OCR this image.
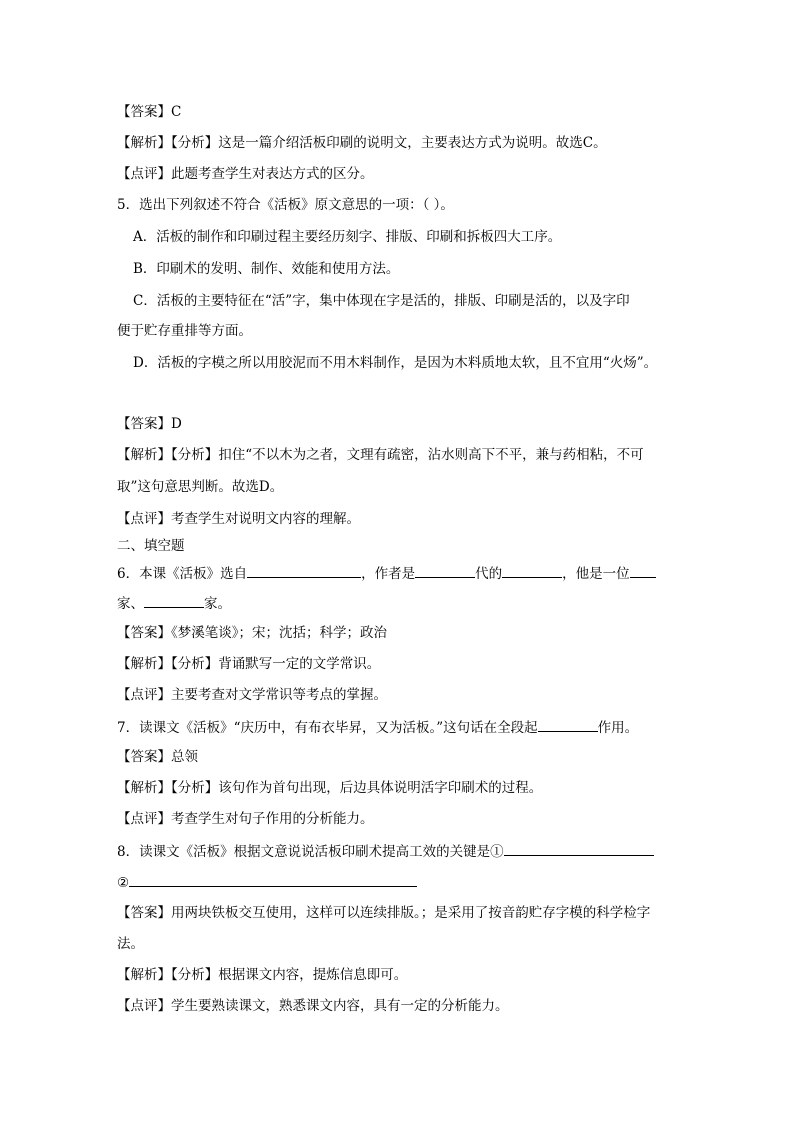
【答案】C
【解析】【分析】这是一篇介绍活板印刷的说明文，主要表达方式为说明。故选C。
【点评】此题考查学生对表达方式的区分。
5．选出下列叙述不符合《活板》原文意思的一项：（ ）。
A．活板的制作和印刷过程主要经历刻字、排版、印刷和拆板四大工序。
B．印刷术的发明、制作、效能和使用方法。
C．活板的主要特征在“活”字，集中体现在字是活的，排版、印刷是活的，以及字印
便于贮存重排等方面。
D．活板的字模之所以用胶泥而不用木料制作，是因为木料质地太软，且不宜用“火炀”。
【答案】D
【解析】【分析】扣住“不以木为之者，文理有疏密，沾水则高下不平，兼与药相粘，不可
取”这句意思判断。故选D。
【点评】考查学生对说明文内容的理解。
二、填空题
6．本课《活板》选自	，作者是	代的	，他是一位
家、	家。
【答案】《梦溪笔谈》；宋；沈括；科学；政治
【解析】【分析】背诵默写一定的文学常识。
【点评】主要考查对文学常识等考点的掌握。
7．读课文《活板》“庆历中，有布衣毕昇，又为活板。”这句话在全段起	作用。
【答案】总领
【解析】【分析】该句作为首句出现，后边具体说明活字印刷术的过程。
【点评】考查学生对句子作用的分析能力。
8．读课文《活板》根据文意说说活板印刷术提高工效的关键是①
②
【答案】用两块铁板交互使用，这样可以连续排版。；是采用了按音韵贮存字模的科学检字
法。
【解析】【分析】根据课文内容，提炼信息即可。
【点评】学生要熟读课文，熟悉课文内容，具有一定的分析能力。
